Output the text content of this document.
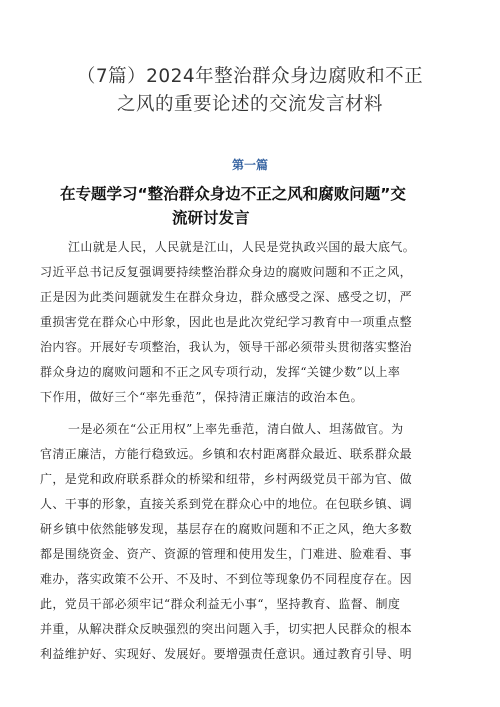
（7篇）2024年整治群众身边腐败和不正
之风的重要论述的交流发言材料
第一篇
在专题学习“整治群众身边不正之风和腐败问题”交
流研讨发言

江山就是人民，人民就是江山，人民是党执政兴国的最大底气。

习近平总书记反复强调要持续整治群众身边的腐败问题和不正之风，

正是因为此类问题就发生在群众身边，群众感受之深、感受之切，严

重损害党在群众心中形象，因此也是此次党纪学习教育中一项重点整

治内容。开展好专项整治，我认为，领导干部必须带头贯彻落实整治

群众身边的腐败问题和不正之风专项行动，发挥“关键少数”以上率

下作用，做好三个“率先垂范”，保持清正廉洁的政治本色。

一是必须在“公正用权”上率先垂范，清白做人、坦荡做官。为

官清正廉洁，方能行稳致远。乡镇和农村距离群众最近、联系群众最

广，是党和政府联系群众的桥梁和纽带，乡村两级党员干部为官、做

人、干事的形象，直接关系到党在群众心中的地位。在包联乡镇、调

研乡镇中依然能够发现，基层存在的腐败问题和不正之风，绝大多数

都是围绕资金、资产、资源的管理和使用发生，门难进、脸难看、事

难办，落实政策不公开、不及时、不到位等现象仍不同程度存在。因

此，党员干部必须牢记“群众利益无小事“，坚持教育、监督、制度

并重，从解决群众反映强烈的突出问题入手，切实把人民群众的根本

利益维护好、实现好、发展好。要增强责任意识。通过教育引导、明
